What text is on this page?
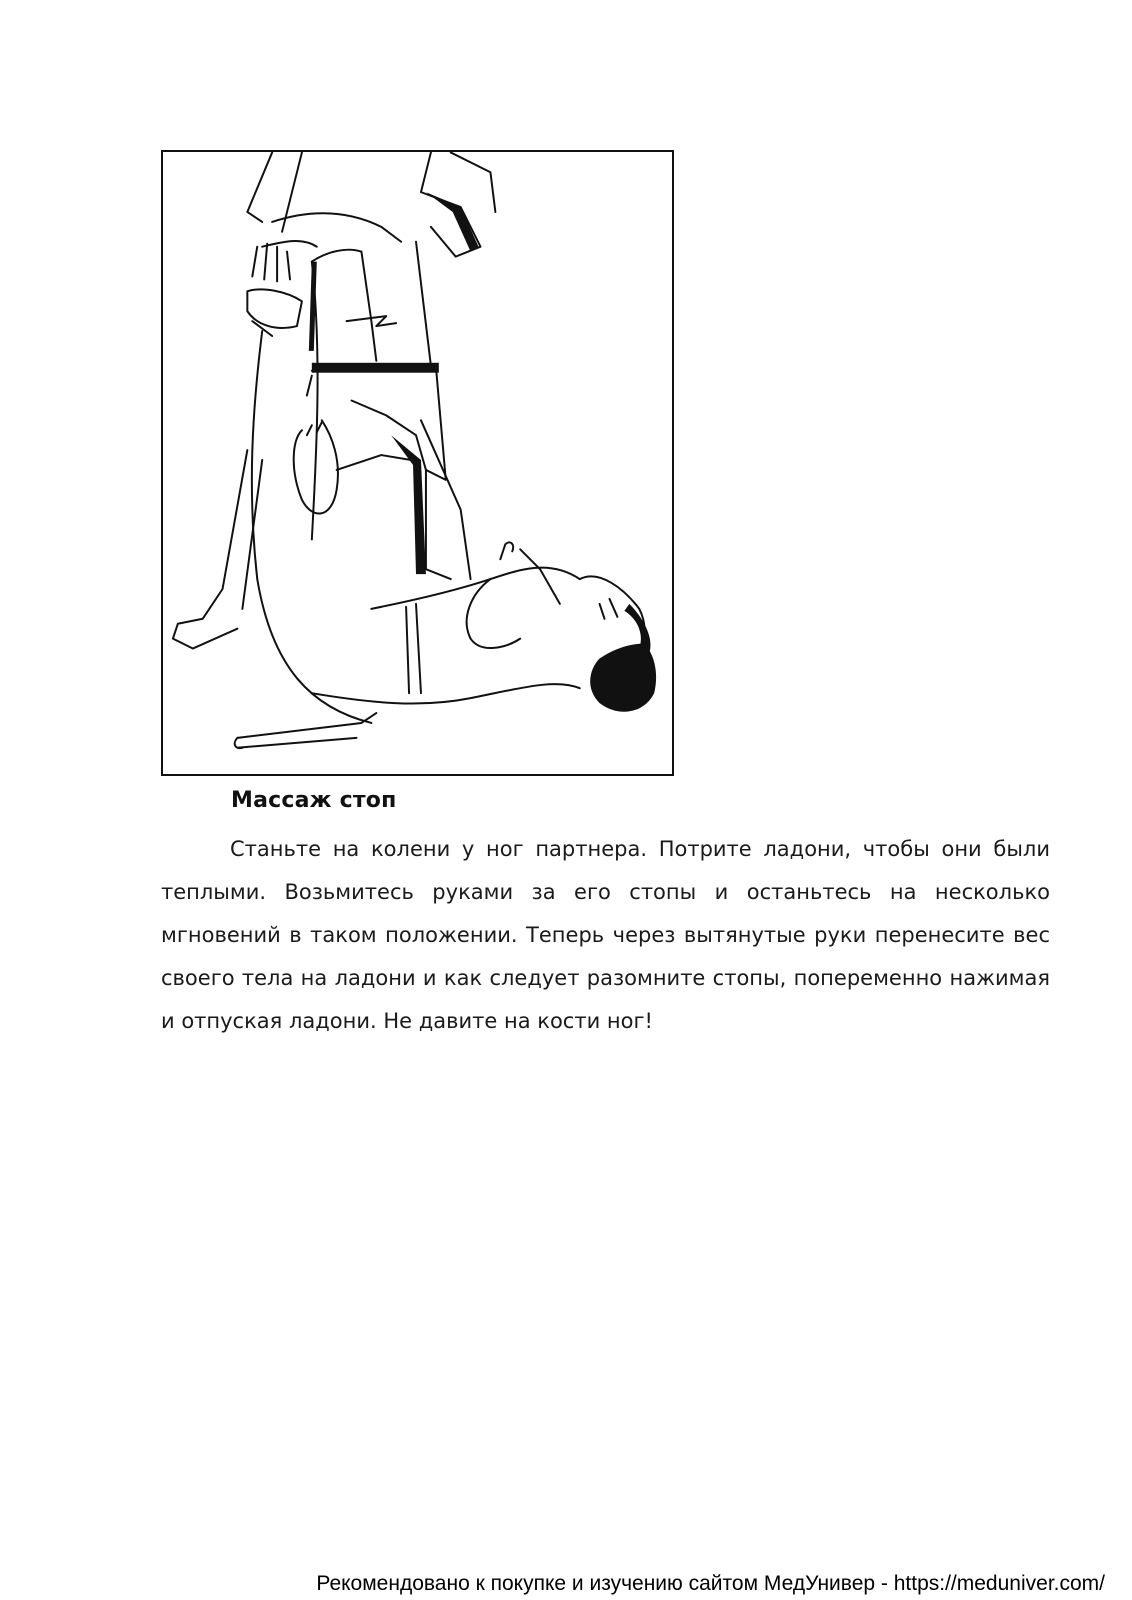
Массаж стоп

Станьте на колени у ног партнера. Потрите ладони, чтобы они были теплыми. Возьмитесь руками за его стопы и останьтесь на несколько мгновений в таком положении. Теперь через вытянутые руки перенесите вес своего тела на ладони и как следует разомните стопы, попеременно нажимая и отпуская ладони. Не давите на кости ног!

Рекомендовано к покупке и изучению сайтом МедУнивер - https://meduniver.com/
